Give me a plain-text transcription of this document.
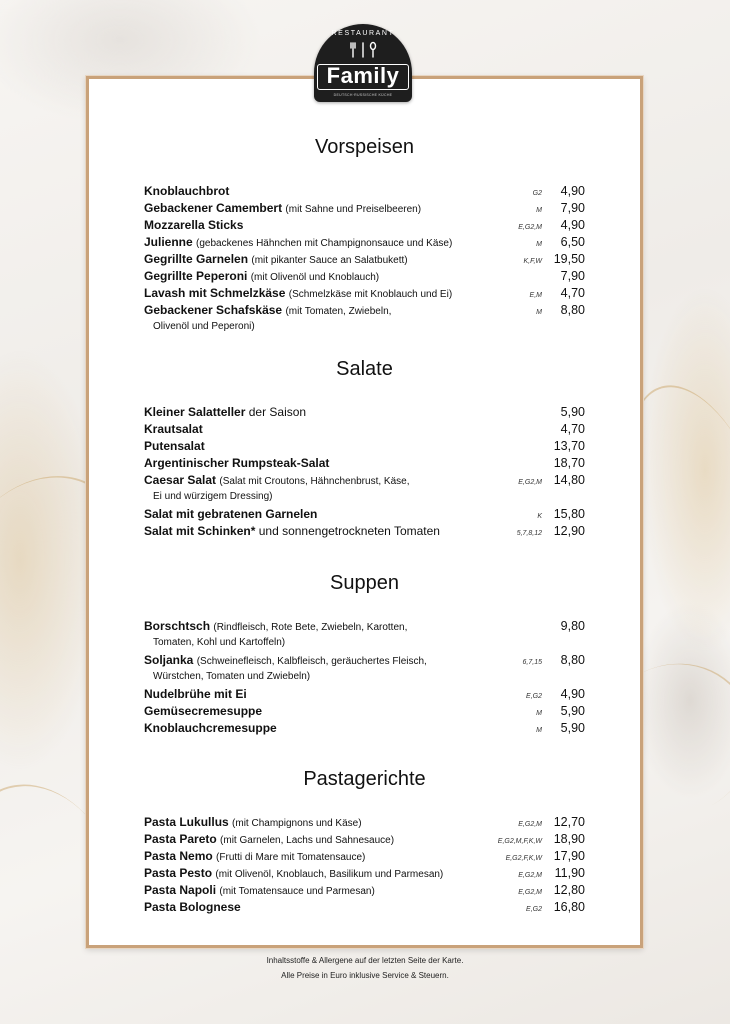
RESTAURANT
Family
DEUTSCH·RUSSISCHE KÜCHE
Vorspeisen
Knoblauchbrot	G2 4,90
Gebackener Camembert (mit Sahne und Preiselbeeren)	M 7,90
Mozzarella Sticks	E,G2,M 4,90
Julienne (gebackenes Hähnchen mit Champignonsauce und Käse)	M 6,50
Gegrillte Garnelen (mit pikanter Sauce an Salatbukett)	K,F,W 19,50
Gegrillte Peperoni (mit Olivenöl und Knoblauch)	7,90
Lavash mit Schmelzkäse (Schmelzkäse mit Knoblauch und Ei)	E,M 4,70
Gebackener Schafskäse (mit Tomaten, Zwiebeln,
Olivenöl und Peperoni)
M 8,80
Salate
Kleiner Salatteller der Saison	5,90
Krautsalat	4,70
Putensalat	13,70
Argentinischer Rumpsteak-Salat	18,70
Caesar Salat (Salat mit Croutons, Hähnchenbrust, Käse,
Ei und würzigem Dressing)
E,G2,M 14,80
Salat mit gebratenen Garnelen	K 15,80
Salat mit Schinken* und sonnengetrockneten Tomaten	5,7,8,12 12,90
Suppen
Borschtsch (Rindfleisch, Rote Bete, Zwiebeln, Karotten,
Tomaten, Kohl und Kartoffeln)
9,80
Soljanka (Schweinefleisch, Kalbfleisch, geräuchertes Fleisch,
Würstchen, Tomaten und Zwiebeln)
6,7,15 8,80
Nudelbrühe mit Ei	E,G2 4,90
Gemüsecremesuppe	M 5,90
Knoblauchcremesuppe	M 5,90
Pastagerichte
Pasta Lukullus (mit Champignons und Käse)	E,G2,M 12,70
Pasta Pareto (mit Garnelen, Lachs und Sahnesauce)	E,G2,M,F,K,W 18,90
Pasta Nemo (Frutti di Mare mit Tomatensauce)	E,G2,F,K,W 17,90
Pasta Pesto (mit Olivenöl, Knoblauch, Basilikum und Parmesan)	E,G2,M 11,90
Pasta Napoli (mit Tomatensauce und Parmesan)	E,G2,M 12,80
Pasta Bolognese	E,G2 16,80
Inhaltsstoffe & Allergene auf der letzten Seite der Karte.
Alle Preise in Euro inklusive Service & Steuern.
